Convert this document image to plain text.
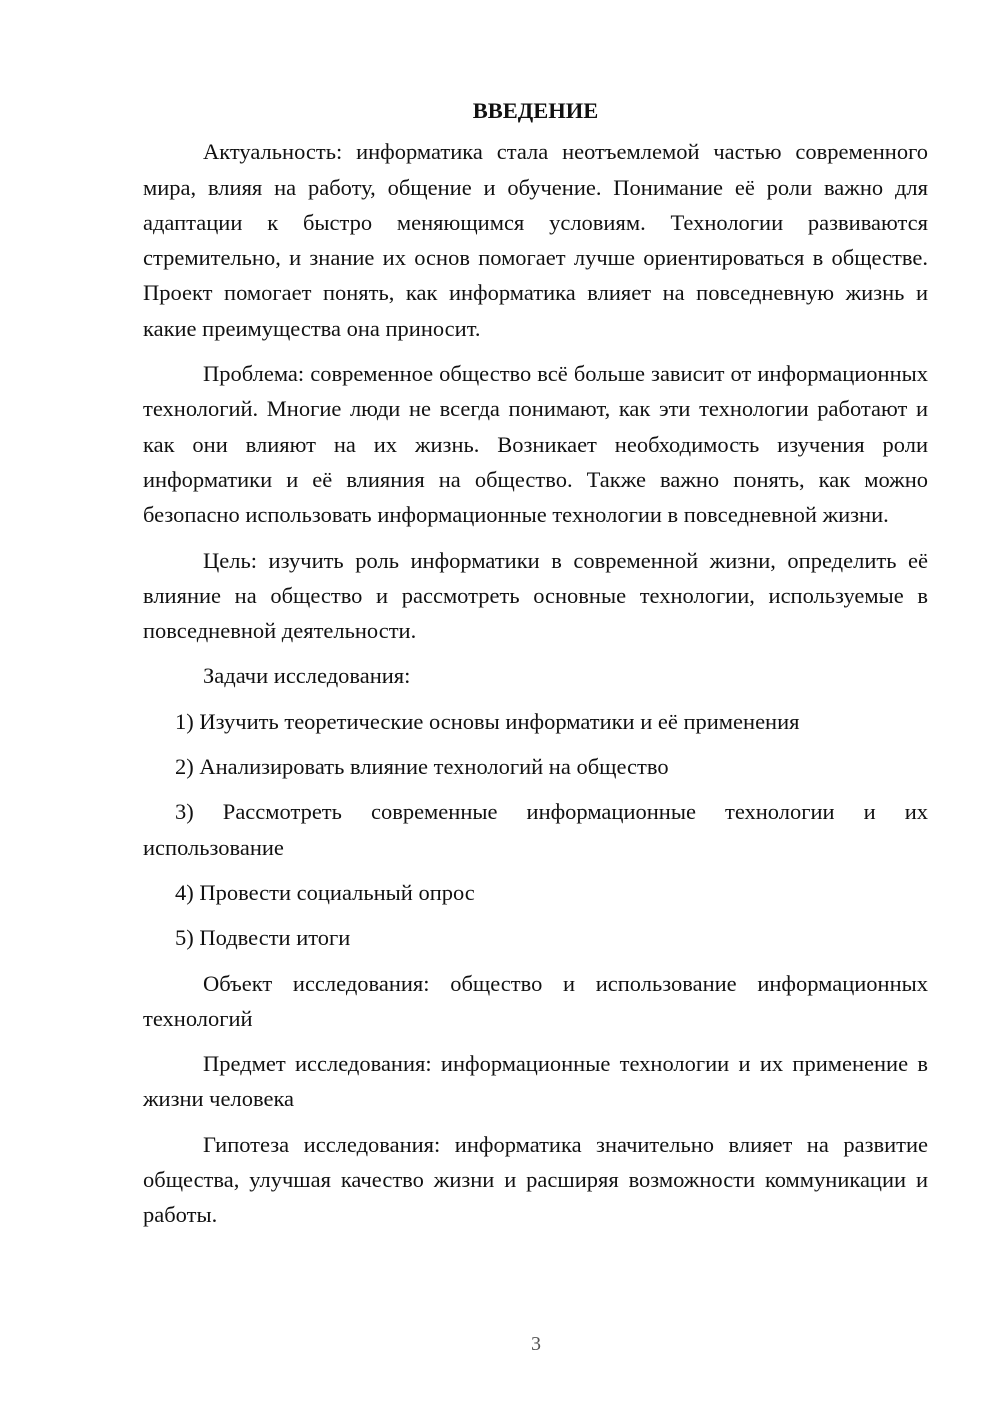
ВВЕДЕНИЕ

Актуальность: информатика стала неотъемлемой частью современного мира, влияя на работу, общение и обучение. Понимание её роли важно для адаптации к быстро меняющимся условиям. Технологии развиваются стремительно, и знание их основ помогает лучше ориентироваться в обществе. Проект помогает понять, как информатика влияет на повседневную жизнь и какие преимущества она приносит.

Проблема: современное общество всё больше зависит от информационных технологий. Многие люди не всегда понимают, как эти технологии работают и как они влияют на их жизнь. Возникает необходимость изучения роли информатики и её влияния на общество. Также важно понять, как можно безопасно использовать информационные технологии в повседневной жизни.

Цель: изучить роль информатики в современной жизни, определить её влияние на общество и рассмотреть основные технологии, используемые в повседневной деятельности.

Задачи исследования:

1) Изучить теоретические основы информатики и её применения

2) Анализировать влияние технологий на общество

3) Рассмотреть современные информационные технологии и их использование

4) Провести социальный опрос

5) Подвести итоги

Объект исследования: общество и использование информационных технологий

Предмет исследования: информационные технологии и их применение в жизни человека

Гипотеза исследования: информатика значительно влияет на развитие общества, улучшая качество жизни и расширяя возможности коммуникации и работы.

3
